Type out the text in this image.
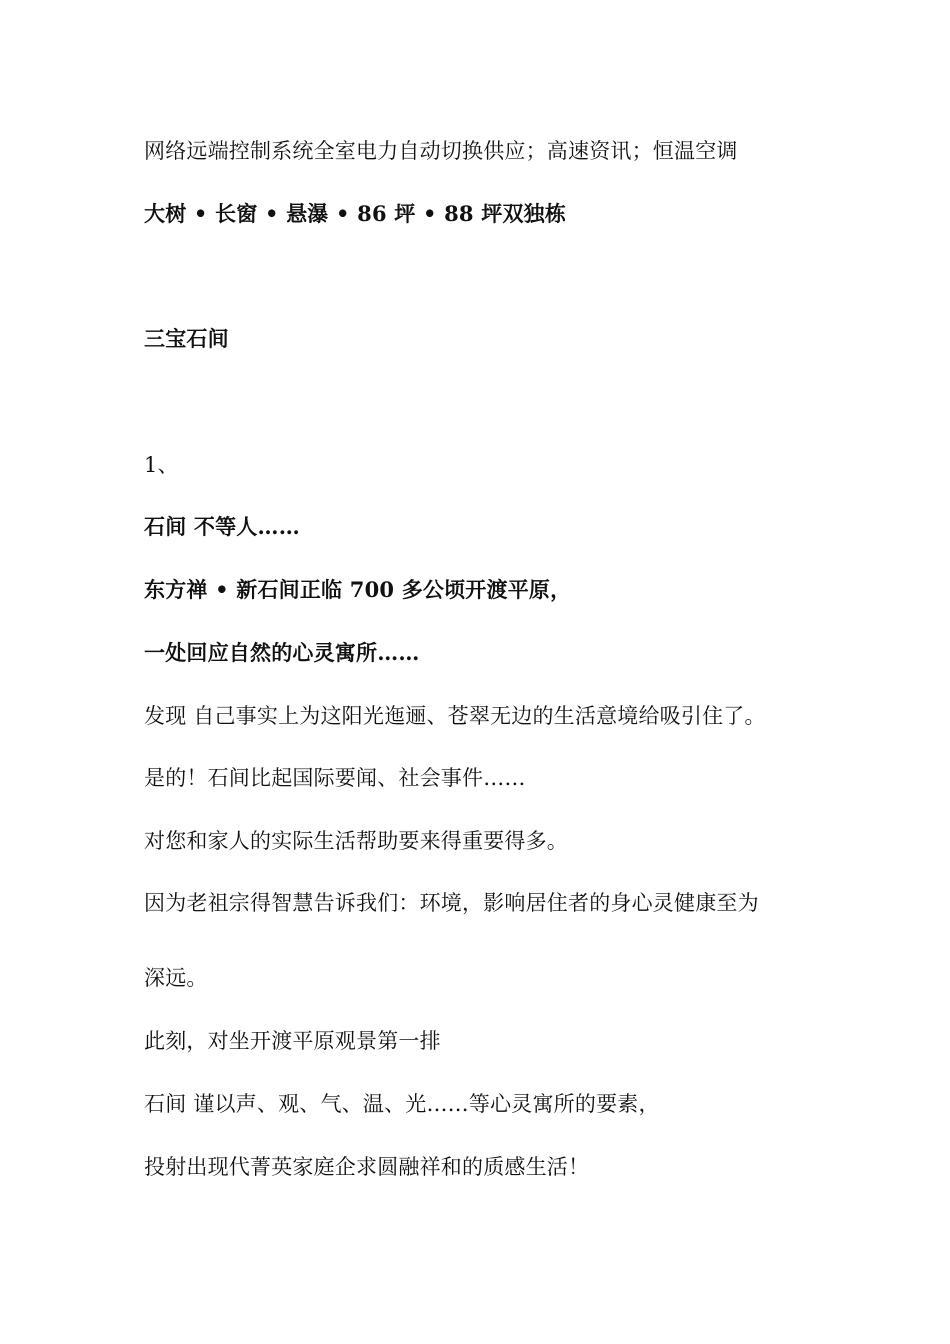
网络远端控制系统全室电力自动切换供应；高速资讯；恒温空调
大树 • 长窗 • 悬瀑 • 86 坪 • 88 坪双独栋
三宝石间
1、
石间 不等人……
东方禅 • 新石间正临 700 多公顷开渡平原，
一处回应自然的心灵寓所……
发现 自己事实上为这阳光迤逦、苍翠无边的生活意境给吸引住了。
是的！石间比起国际要闻、社会事件……
对您和家人的实际生活帮助要来得重要得多。
因为老祖宗得智慧告诉我们：环境，影响居住者的身心灵健康至为
深远。
此刻，对坐开渡平原观景第一排
石间 谨以声、观、气、温、光……等心灵寓所的要素，
投射出现代菁英家庭企求圆融祥和的质感生活！
